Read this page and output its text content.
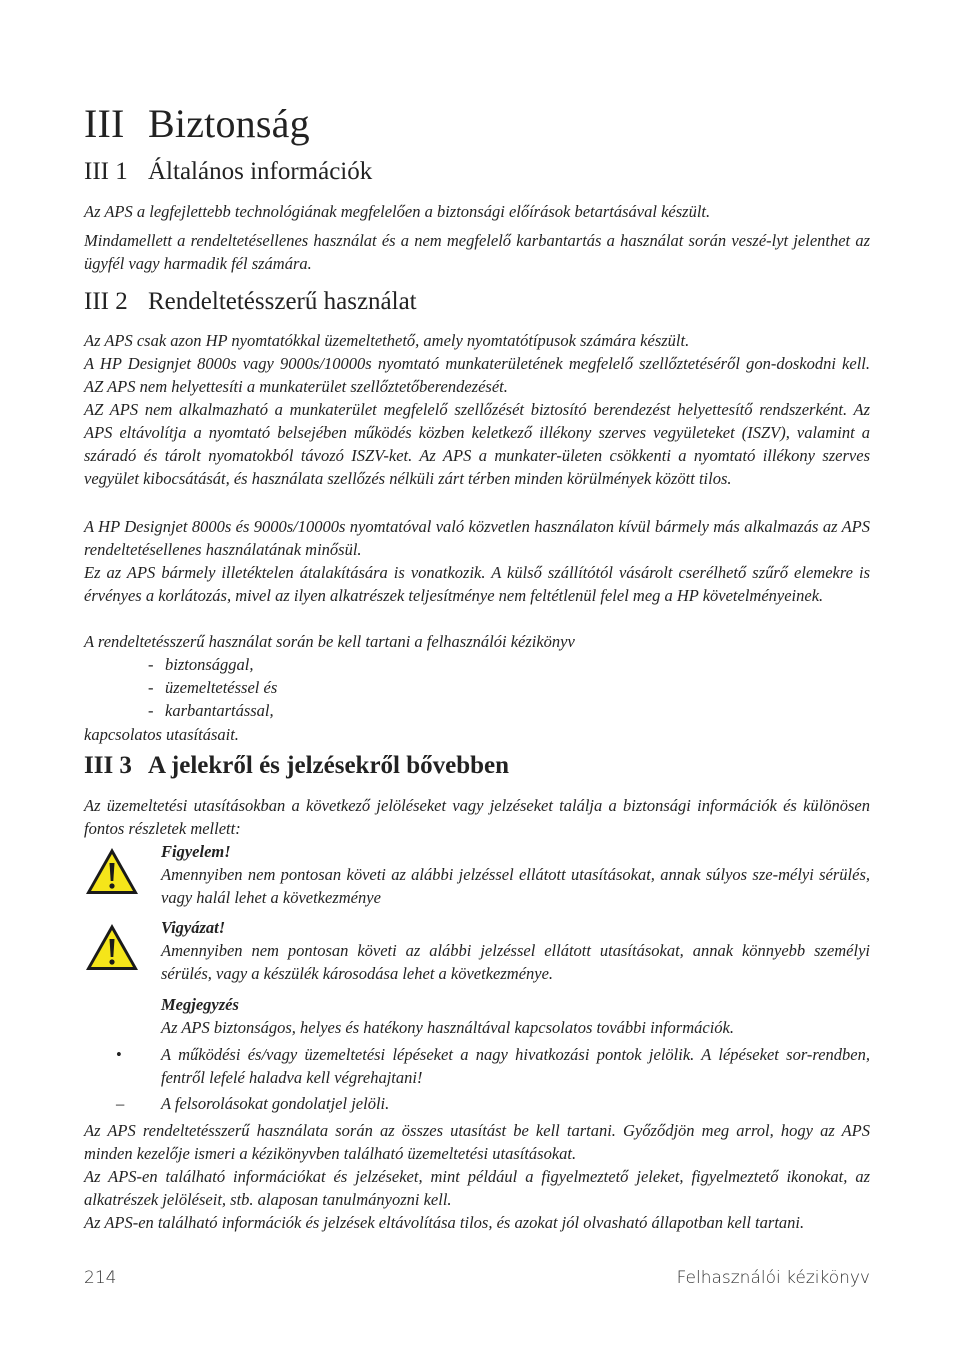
III Biztonság
III 1 Általános információk

Az APS a legfejlettebb technológiának megfelelően a biztonsági előírások betartásával készült.

Mindamellett a rendeltetésellenes használat és a nem megfelelő karbantartás a használat során veszé-lyt jelenthet az ügyfél vagy harmadik fél számára.

III 2 Rendeltetésszerű használat

Az APS csak azon HP nyomtatókkal üzemeltethető, amely nyomtatótípusok számára készült.

A HP Designjet 8000s vagy 9000s/10000s nyomtató munkaterületének megfelelő szellőztetéséről gon-doskodni kell. AZ APS nem helyettesíti a munkaterület szellőztetőberendezését.

AZ APS nem alkalmazható a munkaterület megfelelő szellőzését biztosító berendezést helyettesítő rendszerként. Az APS eltávolítja a nyomtató belsejében működés közben keletkező illékony szerves vegyületeket (ISZV), valamint a száradó és tárolt nyomatokból távozó ISZV-ket. Az APS a munkater-ületen csökkenti a nyomtató illékony szerves vegyület kibocsátását, és használata szellőzés nélküli zárt térben minden körülmények között tilos.

A HP Designjet 8000s és 9000s/10000s nyomtatóval való közvetlen használaton kívül bármely más alkalmazás az APS rendeltetésellenes használatának minősül.

Ez az APS bármely illetéktelen átalakítására is vonatkozik. A külső szállítótól vásárolt cserélhető szűrő elemekre is érvényes a korlátozás, mivel az ilyen alkatrészek teljesítménye nem feltétlenül felel meg a HP követelményeinek.

A rendeltetésszerű használat során be kell tartani a felhasználói kézikönyv

- biztonsággal,
- üzemeltetéssel és
- karbantartással,

kapcsolatos utasításait.

III 3 A jelekről és jelzésekről bővebben

Az üzemeltetési utasításokban a következő jelöléseket vagy jelzéseket találja a biztonsági információk és különösen fontos részletek mellett:

Figyelem!

Amennyiben nem pontosan követi az alábbi jelzéssel ellátott utasításokat, annak súlyos sze-mélyi sérülés, vagy halál lehet a következménye

Vigyázat!

Amennyiben nem pontosan követi az alábbi jelzéssel ellátott utasításokat, annak könnyebb személyi sérülés, vagy a készülék károsodása lehet a következménye.

Megjegyzés

Az APS biztonságos, helyes és hatékony használtával kapcsolatos további információk.

• A működési és/vagy üzemeltetési lépéseket a nagy hivatkozási pontok jelölik. A lépéseket sor-rendben, fentről lefelé haladva kell végrehajtani!

– A felsorolásokat gondolatjel jelöli.

Az APS rendeltetésszerű használata során az összes utasítást be kell tartani. Győződjön meg arrol, hogy az APS minden kezelője ismeri a kézikönyvben található üzemeltetési utasításokat.

Az APS-en található információkat és jelzéseket, mint például a figyelmeztető jeleket, figyelmeztető ikonokat, az alkatrészek jelöléseit, stb. alaposan tanulmányozni kell.

Az APS-en található információk és jelzések eltávolítása tilos, és azokat jól olvasható állapotban kell tartani.

214	Felhasználói kézikönyv
